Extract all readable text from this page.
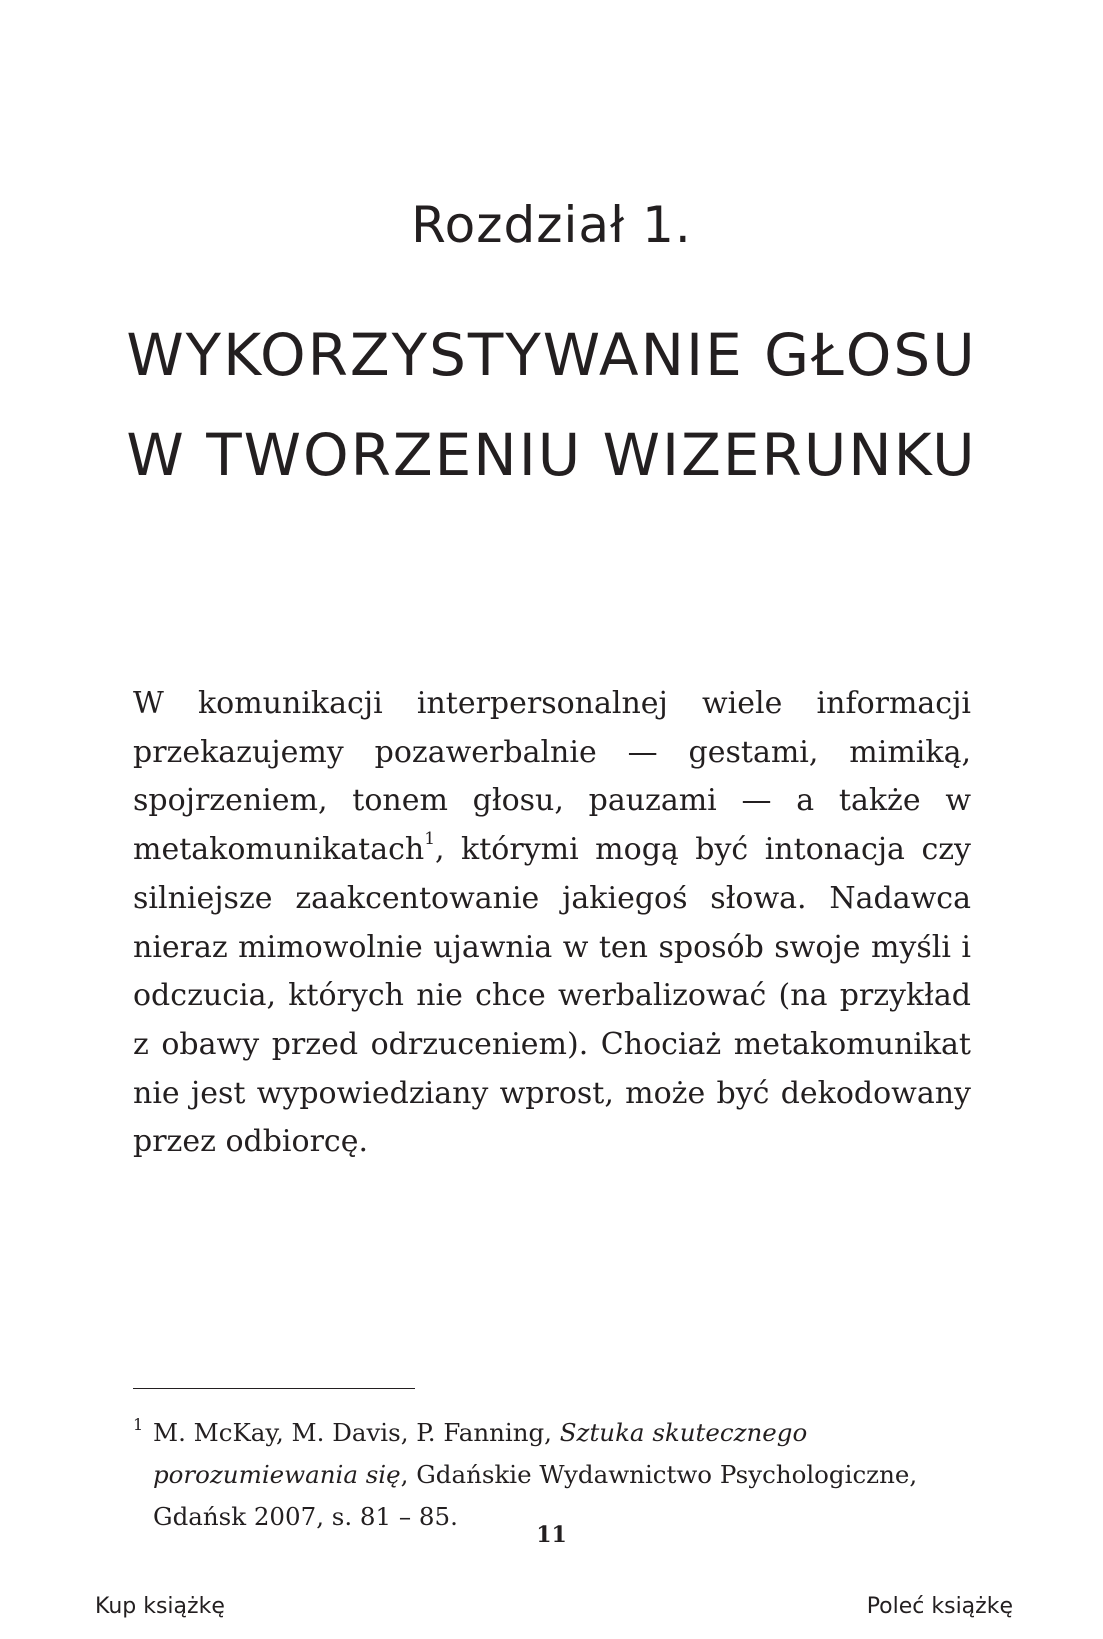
Rozdział 1.
WYKORZYSTYWANIE GŁOSU
W TWORZENIU WIZERUNKU

W komunikacji interpersonalnej wiele informacji przekazujemy pozawerbalnie — gestami, mimiką, spojrzeniem, tonem głosu, pauzami — a także w metakomunikatach$^1$, którymi mogą być intonacja czy silniejsze zaakcentowanie jakiegoś słowa. Nadawca nieraz mimowolnie ujawnia w ten sposób swoje myśli i odczucia, których nie chce werbalizować (na przykład z obawy przed odrzuceniem). Chociaż metakomunikat nie jest wypowiedziany wprost, może być dekodowany przez odbiorcę.

1 M. McKay, M. Davis, P. Fanning, Sztuka skutecznego porozumiewania się, Gdańskie Wydawnictwo Psychologiczne, Gdańsk 2007, s. 81 – 85.
11
Kup książkę	Poleć książkę
